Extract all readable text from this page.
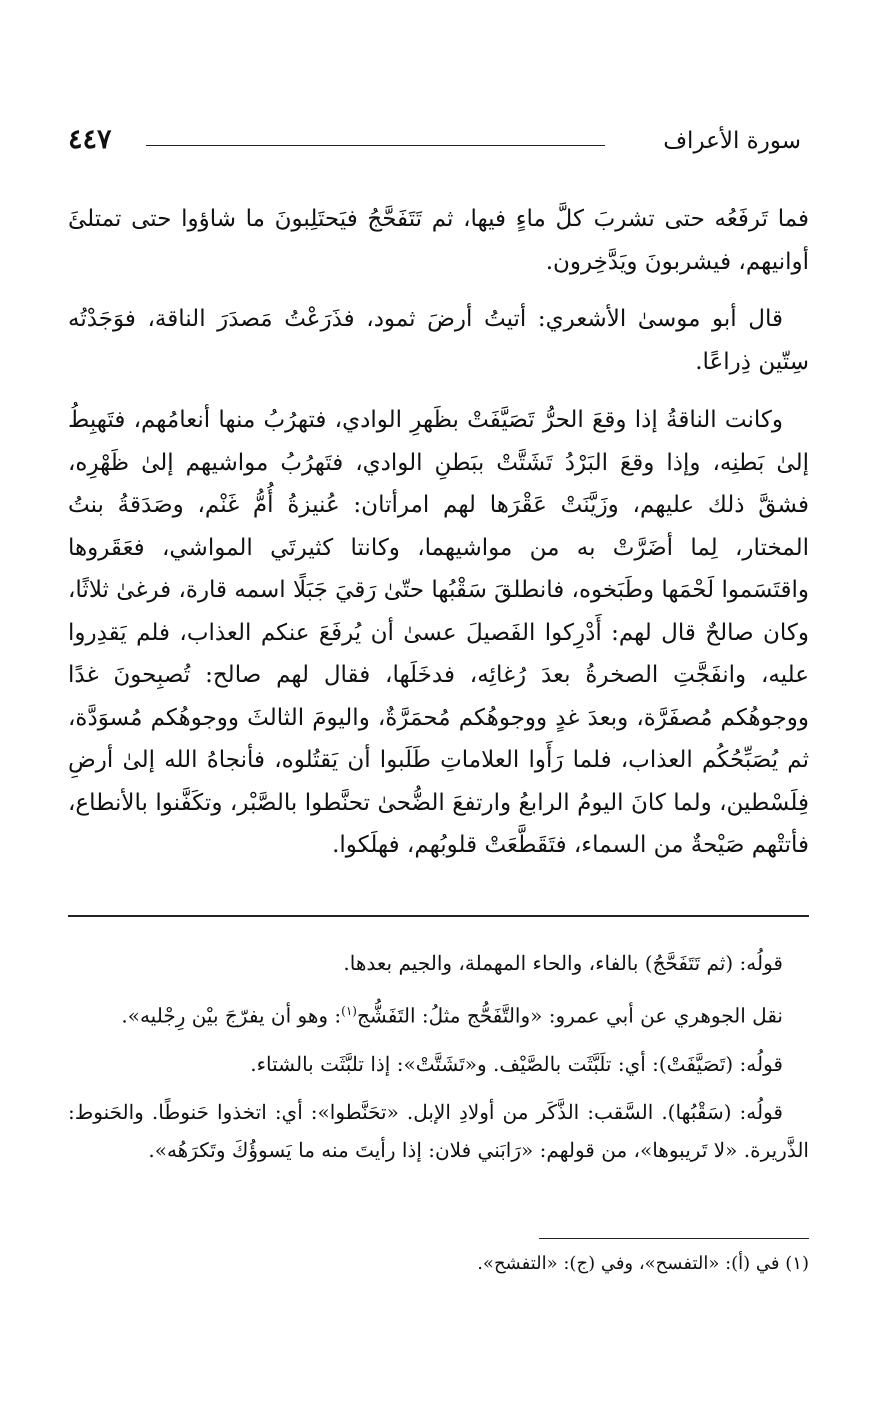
سورة الأعراف
٤٤٧

فما تَرفَعُه حتى تشربَ كلَّ ماءٍ فيها، ثم تَتَفَحَّجُ فيَحتَلِبونَ ما شاؤوا حتى تمتلئَ أوانيهم، فيشربونَ ويَدَّخِرون.

قال أبو موسىٰ الأشعري: أتيتُ أرضَ ثمود، فذَرَعْتُ مَصدَرَ الناقة، فوَجَدْتُه سِتّين ذِراعًا.

وكانت الناقةُ إذا وقعَ الحرُّ تَصَيَّفَتْ بظَهرِ الوادي، فتهرُبُ منها أنعامُهم، فتَهبِطُ إلىٰ بَطنِه، وإذا وقعَ البَرْدُ تَشَتَّتْ ببَطنِ الوادي، فتَهرُبُ مواشيهم إلىٰ ظَهْرِه، فشقَّ ذلك عليهم، وزَيَّنَتْ عَقْرَها لهم امرأتان: عُنيزةُ أُمُّ غَنْم، وصَدَقةُ بنتُ المختار، لِما أضَرَّتْ به من مواشيهما، وكانتا كثيرتَي المواشي، فعَقَروها واقتَسَموا لَحْمَها وطَبَخوه، فانطلقَ سَقْبُها حتّىٰ رَقيَ جَبَلًا اسمه قارة، فرغىٰ ثلاثًا، وكان صالحٌ قال لهم: أَدْرِكوا الفَصيلَ عسىٰ أن يُرفَعَ عنكم العذاب، فلم يَقدِروا عليه، وانفَجَّتِ الصخرةُ بعدَ رُغائِه، فدخَلَها، فقال لهم صالح: تُصبِحونَ غدًا ووجوهُكم مُصفَرَّة، وبعدَ غدٍ ووجوهُكم مُحمَرَّةٌ، واليومَ الثالثَ ووجوهُكم مُسوَدَّة، ثم يُصَبِّحُكُم العذاب، فلما رَأَوا العلاماتِ طَلَبوا أن يَقتُلوه، فأنجاهُ الله إلىٰ أرضِ فِلَسْطين، ولما كانَ اليومُ الرابعُ وارتفعَ الضُّحىٰ تحنَّطوا بالصَّبْر، وتكَفَّنوا بالأنطاع، فأتتْهم صَيْحةٌ من السماء، فتَقَطَّعَتْ قلوبُهم، فهلَكوا.

قولُه: (ثم تَتَفَحَّجُ) بالفاء، والحاء المهملة، والجيم بعدها.

نقل الجوهري عن أبي عمرو: «والتَّفَحُّج مثلُ: التَفَشُّج$^{(١)}$: وهو أن يفرّجَ بيْن رِجْليه».

قولُه: (تَصَيَّفَتْ): أي: تلَبَّثَت بالصَّيْف. و«تَشَتَّتْ»: إذا تلبَّثَت بالشتاء.

قولُه: (سَقْبُها). السَّقب: الذَّكَر من أولادِ الإبل. «تحَنَّطوا»: أي: اتخذوا حَنوطًا. والحَنوط: الذَّريرة. «لا تَريبوها»، من قولهم: «رَابَني فلان: إذا رأيتَ منه ما يَسوؤُكَ وتَكرَهُه».

(١) في (أ): «التفسح»، وفي (ج): «التفشح».
